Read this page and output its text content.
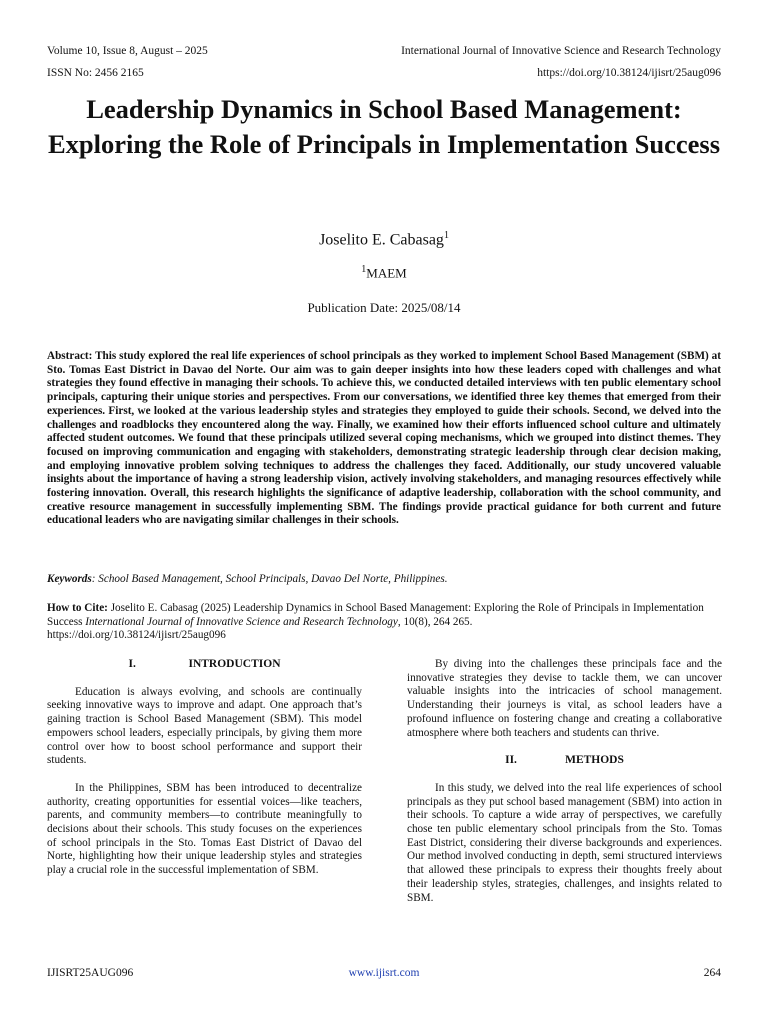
Volume 10, Issue 8, August – 2025
ISSN No: 2456 2165
International Journal of Innovative Science and Research Technology
https://doi.org/10.38124/ijisrt/25aug096
Leadership Dynamics in School Based Management: Exploring the Role of Principals in Implementation Success
Joselito E. Cabasag$^1$
$^1$MAEM
Publication Date: 2025/08/14
Abstract: This study explored the real life experiences of school principals as they worked to implement School Based Management (SBM) at Sto. Tomas East District in Davao del Norte. Our aim was to gain deeper insights into how these leaders coped with challenges and what strategies they found effective in managing their schools. To achieve this, we conducted detailed interviews with ten public elementary school principals, capturing their unique stories and perspectives. From our conversations, we identified three key themes that emerged from their experiences. First, we looked at the various leadership styles and strategies they employed to guide their schools. Second, we delved into the challenges and roadblocks they encountered along the way. Finally, we examined how their efforts influenced school culture and ultimately affected student outcomes. We found that these principals utilized several coping mechanisms, which we grouped into distinct themes. They focused on improving communication and engaging with stakeholders, demonstrating strategic leadership through clear decision making, and employing innovative problem solving techniques to address the challenges they faced. Additionally, our study uncovered valuable insights about the importance of having a strong leadership vision, actively involving stakeholders, and managing resources effectively while fostering innovation. Overall, this research highlights the significance of adaptive leadership, collaboration with the school community, and creative resource management in successfully implementing SBM. The findings provide practical guidance for both current and future educational leaders who are navigating similar challenges in their schools.
Keywords: School Based Management, School Principals, Davao Del Norte, Philippines.
How to Cite: Joselito E. Cabasag (2025) Leadership Dynamics in School Based Management: Exploring the Role of Principals in Implementation Success International Journal of Innovative Science and Research Technology, 10(8), 264 265.
https://doi.org/10.38124/ijisrt/25aug096
I.	INTRODUCTION

Education is always evolving, and schools are continually seeking innovative ways to improve and adapt. One approach that’s gaining traction is School Based Management (SBM). This model empowers school leaders, especially principals, by giving them more control over how to boost school performance and support their students.

In the Philippines, SBM has been introduced to decentralize authority, creating opportunities for essential voices—like teachers, parents, and community members—to contribute meaningfully to decisions about their schools. This study focuses on the experiences of school principals in the Sto. Tomas East District of Davao del Norte, highlighting how their unique leadership styles and strategies play a crucial role in the successful implementation of SBM.

By diving into the challenges these principals face and the innovative strategies they devise to tackle them, we can uncover valuable insights into the intricacies of school management. Understanding their journeys is vital, as school leaders have a profound influence on fostering change and creating a collaborative atmosphere where both teachers and students can thrive.

II.	METHODS

In this study, we delved into the real life experiences of school principals as they put school based management (SBM) into action in their schools. To capture a wide array of perspectives, we carefully chose ten public elementary school principals from the Sto. Tomas East District, considering their diverse backgrounds and experiences. Our method involved conducting in depth, semi structured interviews that allowed these principals to express their thoughts freely about their leadership styles, strategies, challenges, and insights related to SBM.

IJISRT25AUG096	www.ijisrt.com	264
